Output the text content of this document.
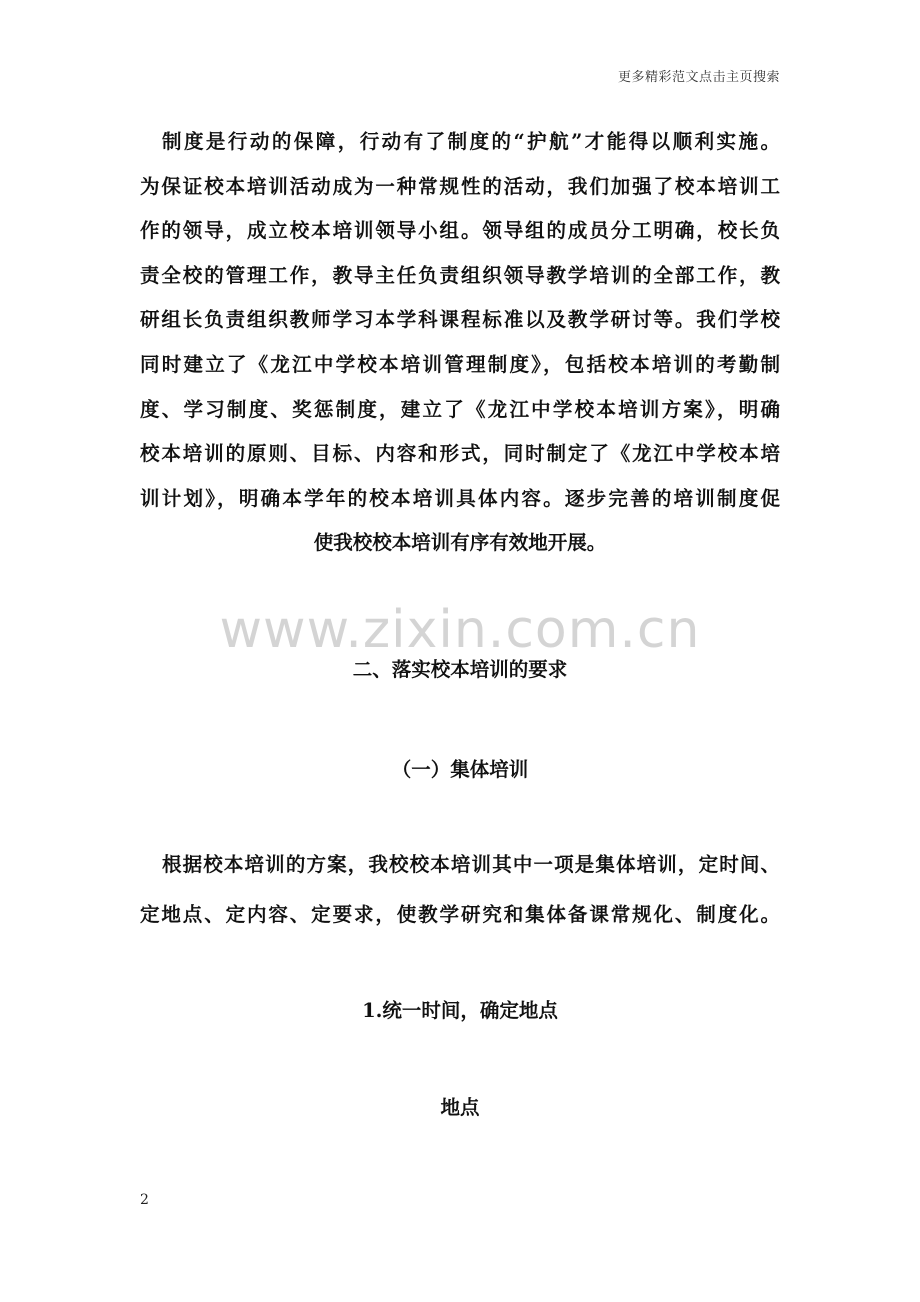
更多精彩范文点击主页搜索
制度是行动的保障，行动有了制度的“护航”才能得以顺利实施。
为保证校本培训活动成为一种常规性的活动，我们加强了校本培训工
作的领导，成立校本培训领导小组。领导组的成员分工明确，校长负
责全校的管理工作，教导主任负责组织领导教学培训的全部工作，教
研组长负责组织教师学习本学科课程标准以及教学研讨等。我们学校
同时建立了《龙江中学校本培训管理制度》，包括校本培训的考勤制
度、学习制度、奖惩制度，建立了《龙江中学校本培训方案》，明确
校本培训的原则、目标、内容和形式，同时制定了《龙江中学校本培
训计划》，明确本学年的校本培训具体内容。逐步完善的培训制度促
使我校校本培训有序有效地开展。
www.zixin.com.cn
二、落实校本培训的要求
（一）集体培训
根据校本培训的方案，我校校本培训其中一项是集体培训，定时间、
定地点、定内容、定要求，使教学研究和集体备课常规化、制度化。
1.统一时间，确定地点
地点
2
